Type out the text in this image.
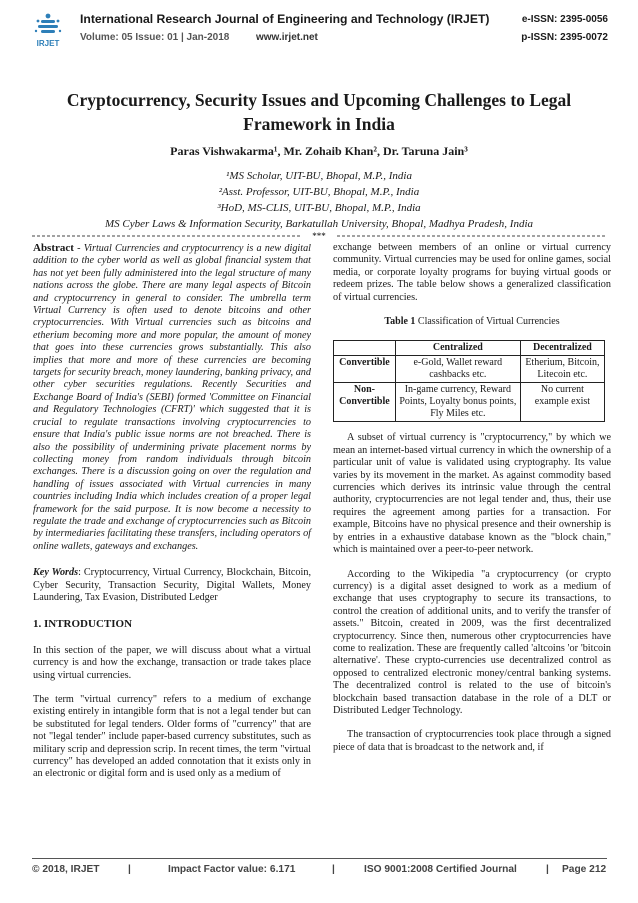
IRJET
International Research Journal of Engineering and Technology (IRJET)
Volume: 05 Issue: 01 | Jan-2018	www.irjet.net
e-ISSN: 2395-0056
p-ISSN: 2395-0072
Cryptocurrency, Security Issues and Upcoming Challenges to Legal Framework in India
Paras Vishwakarma¹, Mr. Zohaib Khan², Dr. Taruna Jain³
¹MS Scholar, UIT-BU, Bhopal, M.P., India
²Asst. Professor, UIT-BU, Bhopal, M.P., India
³HoD, MS-CLIS, UIT-BU, Bhopal, M.P., India
MS Cyber Laws & Information Security, Barkatullah University, Bhopal, Madhya Pradesh, India
***

Abstract - Virtual Currencies and cryptocurrency is a new digital addition to the cyber world as well as global financial system that has not yet been fully administered into the legal structure of many nations across the globe. There are many legal aspects of Bitcoin and cryptocurrency in general to consider. The umbrella term Virtual Currency is often used to denote bitcoins and other cryptocurrencies. With Virtual currencies such as bitcoins and etherium becoming more and more popular, the amount of money that goes into these currencies grows substantially. This also implies that more and more of these currencies are becoming targets for security breach, money laundering, banking privacy, and other cyber securities regulations. Recently Securities and Exchange Board of India's (SEBI) formed 'Committee on Financial and Regulatory Technologies (CFRT)' which suggested that it is crucial to regulate transactions involving cryptocurrencies to ensure that India's public issue norms are not breached. There is also the possibility of undermining private placement norms by collecting money from random individuals through bitcoin exchanges. There is a discussion going on over the regulation and handling of issues associated with Virtual currencies in many countries including India which includes creation of a proper legal framework for the said purpose. It is now become a necessity to regulate the trade and exchange of cryptocurrencies such as Bitcoin by intermediaries facilitating these transfers, including operators of online wallets, gateways and exchanges.

Key Words: Cryptocurrency, Virtual Currency, Blockchain, Bitcoin, Cyber Security, Transaction Security, Digital Wallets, Money Laundering, Tax Evasion, Distributed Ledger

1. INTRODUCTION

In this section of the paper, we will discuss about what a virtual currency is and how the exchange, transaction or trade takes place using virtual currencies.

The term "virtual currency" refers to a medium of exchange existing entirely in intangible form that is not a legal tender but can be substituted for legal tenders. Older forms of "currency" that are not "legal tender" include paper-based currency substitutes, such as military scrip and depression scrip. In recent times, the term "virtual currency" has developed an added connotation that it exists only in an electronic or digital form and is used only as a medium of

exchange between members of an online or virtual currency community. Virtual currencies may be used for online games, social media, or corporate loyalty programs for buying virtual goods or redeem prizes. The table below shows a generalized classification of virtual currencies.

Table 1 Classification of Virtual Currencies

	Centralized	Decentralized
Convertible	e-Gold, Wallet reward cashbacks etc.	Etherium, Bitcoin, Litecoin etc.
Non-Convertible	In-game currency, Reward Points, Loyalty bonus points, Fly Miles etc.	No current example exist

A subset of virtual currency is "cryptocurrency," by which we mean an internet-based virtual currency in which the ownership of a particular unit of value is validated using cryptography. Its value varies by its movement in the market. As against commodity based currencies which derives its intrinsic value through the central authority, cryptocurrencies are not legal tender and, thus, their use requires the agreement among parties for a transaction. For example, Bitcoins have no physical presence and their ownership is by entries in a exhaustive database known as the "block chain," which is maintained over a peer-to-peer network.

According to the Wikipedia "a cryptocurrency (or crypto currency) is a digital asset designed to work as a medium of exchange that uses cryptography to secure its transactions, to control the creation of additional units, and to verify the transfer of assets." Bitcoin, created in 2009, was the first decentralized cryptocurrency. Since then, numerous other cryptocurrencies have come to realization. These are frequently called 'altcoins 'or 'bitcoin alternative'. These crypto-currencies use decentralized control as opposed to centralized electronic money/central banking systems. The decentralized control is related to the use of bitcoin's blockchain based transaction database in the role of a DLT or Distributed Ledger Technology.

The transaction of cryptocurrencies took place through a signed piece of data that is broadcast to the network and, if

© 2018, IRJET	|	Impact Factor value: 6.171	|	ISO 9001:2008 Certified Journal	| Page 212
